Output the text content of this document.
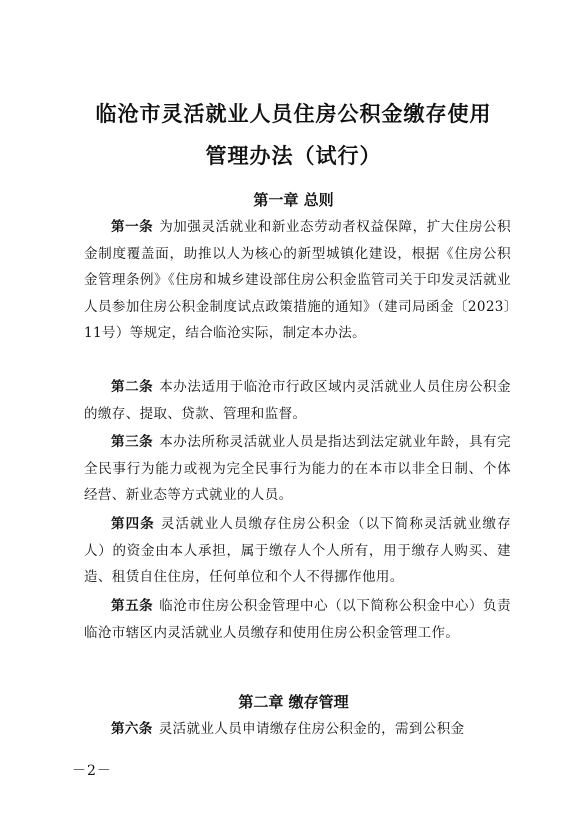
临沧市灵活就业人员住房公积金缴存使用
管理办法（试行）
第一章 总则
第一条 为加强灵活就业和新业态劳动者权益保障，扩大住房公积金制度覆盖面，助推以人为核心的新型城镇化建设，根据《住房公积金管理条例》《住房和城乡建设部住房公积金监管司关于印发灵活就业人员参加住房公积金制度试点政策措施的通知》（建司局函金〔2023〕11号）等规定，结合临沧实际，制定本办法。
第二条 本办法适用于临沧市行政区域内灵活就业人员住房公积金的缴存、提取、贷款、管理和监督。
第三条 本办法所称灵活就业人员是指达到法定就业年龄，具有完全民事行为能力或视为完全民事行为能力的在本市以非全日制、个体经营、新业态等方式就业的人员。
第四条 灵活就业人员缴存住房公积金（以下简称灵活就业缴存人）的资金由本人承担，属于缴存人个人所有，用于缴存人购买、建造、租赁自住住房，任何单位和个人不得挪作他用。
第五条 临沧市住房公积金管理中心（以下简称公积金中心）负责临沧市辖区内灵活就业人员缴存和使用住房公积金管理工作。
第二章 缴存管理
第六条 灵活就业人员申请缴存住房公积金的，需到公积金
－2－
